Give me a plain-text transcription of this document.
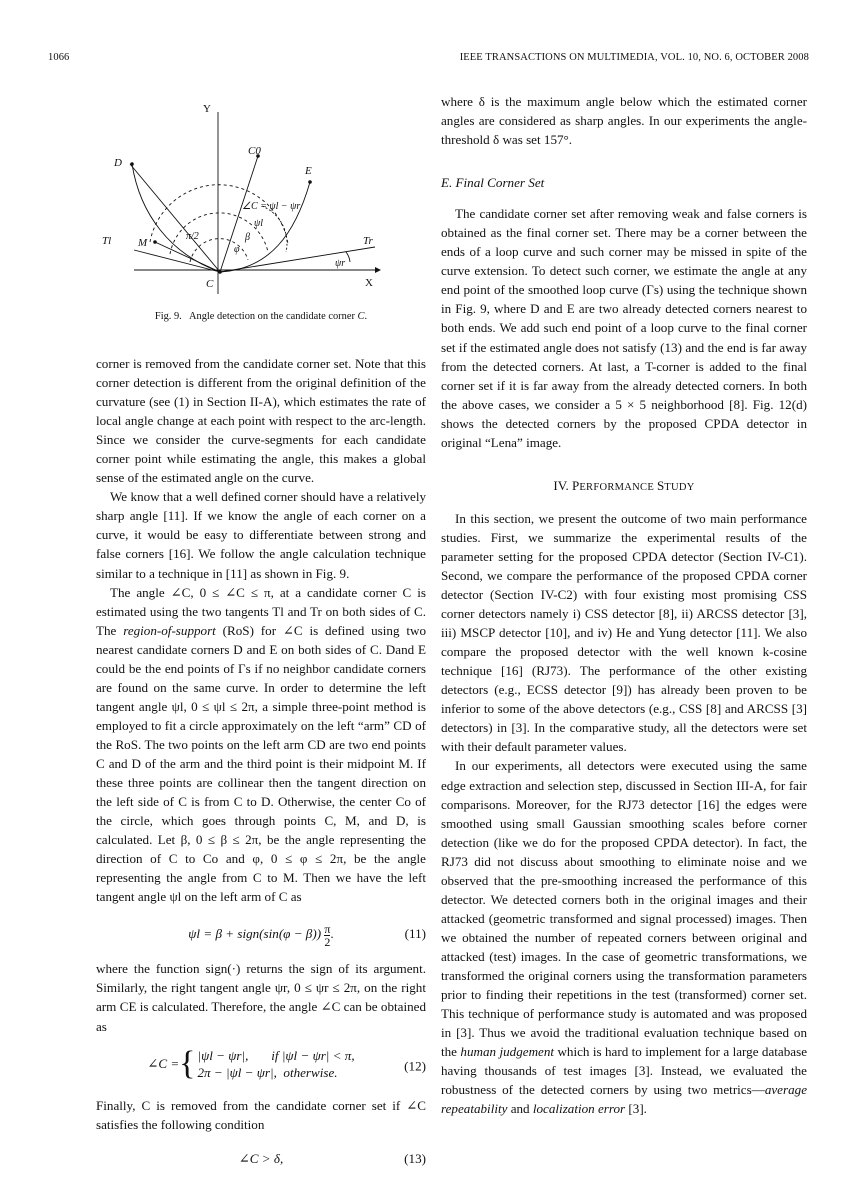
1066	IEEE TRANSACTIONS ON MULTIMEDIA, VOL. 10, NO. 6, OCTOBER 2008
Y
X
C0
D
E
M
C
Tl	Tr
∠C = ψl − ψr
ψl
ψr
π/2	β
φ
Fig. 9. Angle detection on the candidate corner C.

corner is removed from the candidate corner set. Note that this corner detection is different from the original definition of the curvature (see (1) in Section II-A), which estimates the rate of local angle change at each point with respect to the arc-length. Since we consider the curve-segments for each candidate corner point while estimating the angle, this makes a global sense of the estimated angle on the curve.

We know that a well defined corner should have a relatively sharp angle [11]. If we know the angle of each corner on a curve, it would be easy to differentiate between strong and false corners [16]. We follow the angle calculation technique similar to a technique in [11] as shown in Fig. 9.

The angle ∠C, 0 ≤ ∠C ≤ π, at a candidate corner C is estimated using the two tangents Tl and Tr on both sides of C. The region-of-support (RoS) for ∠C is defined using two nearest candidate corners D and E on both sides of C. Dand E could be the end points of Γs if no neighbor candidate corners are found on the same curve. In order to determine the left tangent angle ψl, 0 ≤ ψl ≤ 2π, a simple three-point method is employed to fit a circle approximately on the left “arm” CD of the RoS. The two points on the left arm CD are two end points C and D of the arm and the third point is their midpoint M. If these three points are collinear then the tangent direction on the left side of C is from C to D. Otherwise, the center Co of the circle, which goes through points C, M, and D, is calculated. Let β, 0 ≤ β ≤ 2π, be the angle representing the direction of C to Co and φ, 0 ≤ φ ≤ 2π, be the angle representing the angle from C to M. Then we have the left tangent angle ψl on the left arm of C as

ψl = β + sign(sin(φ − $\beta)) \frac{\pi}{2}$ .	(11)

where the function sign(·) returns the sign of its argument. Similarly, the right tangent angle ψr, 0 ≤ ψr ≤ 2π, on the right arm CE is calculated. Therefore, the angle ∠C can be obtained as

∠C = { |ψl − ψr|, if |ψl − ψr| < π,
2π − |ψl − ψr|, otherwise.	(12)

Finally, C is removed from the candidate corner set if ∠C satisfies the following condition

∠C > δ,	(13)

where δ is the maximum angle below which the estimated corner angles are considered as sharp angles. In our experiments the angle-threshold δ was set 157°.

E. Final Corner Set

The candidate corner set after removing weak and false corners is obtained as the final corner set. There may be a corner between the ends of a loop curve and such corner may be missed in spite of the curve extension. To detect such corner, we estimate the angle at any end point of the smoothed loop curve (Γs) using the technique shown in Fig. 9, where D and E are two already detected corners nearest to both ends. We add such end point of a loop curve to the final corner set if the estimated angle does not satisfy (13) and the end is far away from the detected corners. At last, a T-corner is added to the final corner set if it is far away from the already detected corners. In both the above cases, we consider a 5 × 5 neighborhood [8]. Fig. 12(d) shows the detected corners by the proposed CPDA detector in original “Lena” image.

IV. PERFORMANCE STUDY

In this section, we present the outcome of two main performance studies. First, we summarize the experimental results of the parameter setting for the proposed CPDA detector (Section IV-C1). Second, we compare the performance of the proposed CPDA corner detector (Section IV-C2) with four existing most promising CSS corner detectors namely i) CSS detector [8], ii) ARCSS detector [3], iii) MSCP detector [10], and iv) He and Yung detector [11]. We also compare the proposed detector with the well known k-cosine technique [16] (RJ73). The performance of the other existing detectors (e.g., ECSS detector [9]) has already been proven to be inferior to some of the above detectors (e.g., CSS [8] and ARCSS [3] detectors) in [3]. In the comparative study, all the detectors were set with their default parameter values.

In our experiments, all detectors were executed using the same edge extraction and selection step, discussed in Section III-A, for fair comparisons. Moreover, for the RJ73 detector [16] the edges were smoothed using small Gaussian smoothing scales before corner detection (like we do for the proposed CPDA detector). In fact, the RJ73 did not discuss about smoothing to eliminate noise and we observed that the pre-smoothing increased the performance of this detector. We detected corners both in the original images and their attacked (geometric transformed and signal processed) images. Then we obtained the number of repeated corners between original and attacked (test) images. In the case of geometric transformations, we transformed the original corners using the transformation parameters prior to finding their repetitions in the test (transformed) corner set. This technique of performance study is automated and was proposed in [3]. Thus we avoid the traditional evaluation technique based on the human judgement which is hard to implement for a large database having thousands of test images [3]. Instead, we evaluated the robustness of the detected corners by using two metrics—average repeatability and localization error [3].
